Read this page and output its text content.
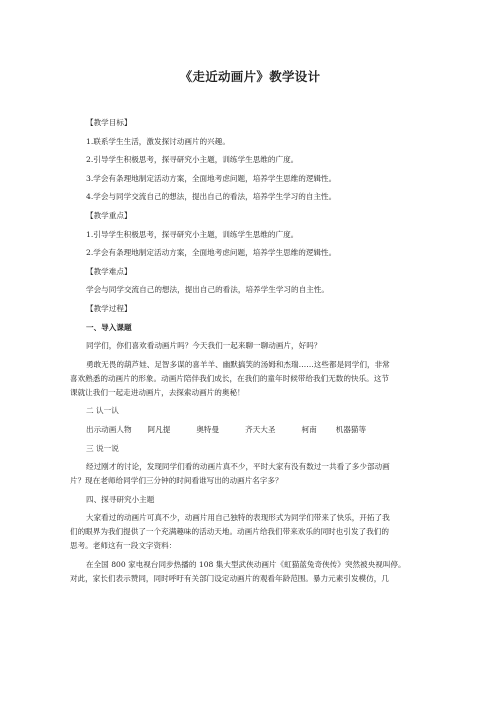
《走近动画片》教学设计
【教学目标】
1.联系学生生活，激发探讨动画片的兴趣。
2.引导学生积极思考，探寻研究小主题，训练学生思维的广度。
3.学会有条理地制定活动方案，全面地考虑问题，培养学生思维的逻辑性。
4.学会与同学交流自己的想法，提出自己的看法，培养学生学习的自主性。
【教学重点】
1.引导学生积极思考，探寻研究小主题，训练学生思维的广度。
2.学会有条理地制定活动方案，全面地考虑问题，培养学生思维的逻辑性。
【教学难点】
学会与同学交流自己的想法，提出自己的看法，培养学生学习的自主性。
【教学过程】
一、导入课题
同学们，你们喜欢看动画片吗？今天我们一起来聊一聊动画片，好吗？
勇敢无畏的葫芦娃、足智多谋的喜羊羊、幽默搞笑的汤姆和杰瑞……这些都是同学们，非常
喜欢熟悉的动画片的形象。动画片陪伴我们成长，在我们的童年时候带给我们无数的快乐。这节
课就让我们一起走进动画片，去探索动画片的奥秘！
二 认一认
出示动画人物 阿凡提	奥特曼	齐天大圣	柯南	机器猫等
三 说一说
经过刚才的讨论，发现同学们看的动画片真不少，平时大家有没有数过一共看了多少部动画
片？现在老师给同学们三分钟的时间看谁写出的动画片名字多？
四、探寻研究小主题
大家看过的动画片可真不少，动画片用自己独特的表现形式为同学们带来了快乐，开拓了我
们的眼界为我们提供了一个充满趣味的活动天地。动画片给我们带来欢乐的同时也引发了我们的
思考。老师这有一段文字资料：
在全国 800 家电视台同步热播的 108 集大型武侠动画片《虹猫蓝兔奇侠传》突然被央视叫停。
对此，家长们表示赞同，同时呼吁有关部门设定动画片的观看年龄范围。暴力元素引发模仿，几
